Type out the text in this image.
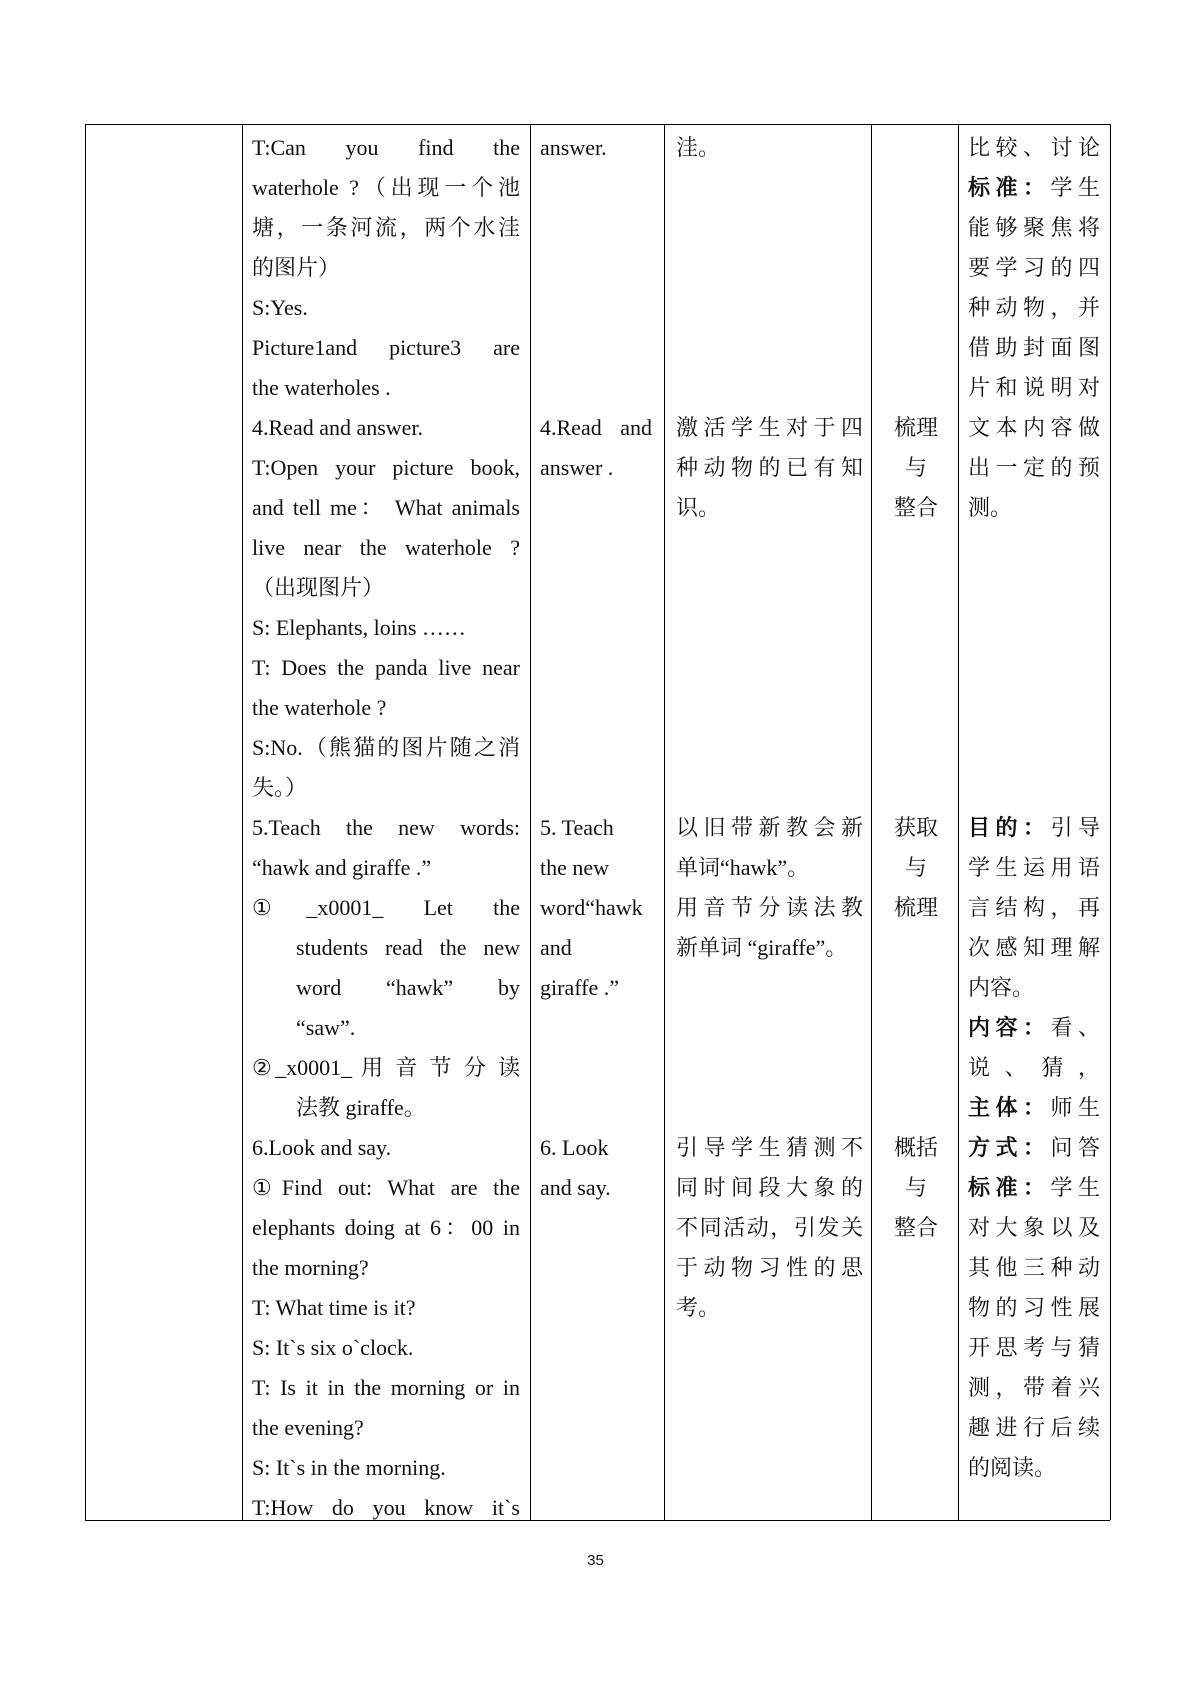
T:Can you find the

waterhole ?（出现一个池

塘，一条河流，两个水洼

的图片）

S:Yes.

Picture1and picture3 are

the waterholes .

4.Read and answer.

T:Open your picture book,

and tell me： What animals

live near the waterhole ?

（出现图片）

S: Elephants, loins ……

T: Does the panda live near

the waterhole ?

S:No.（熊猫的图片随之消

失。）

5.Teach the new words:

“hawk and giraffe .”

①_x0001_ Let the

students read the new

word “hawk” by

“saw”.

②_x0001_ 用 音 节 分 读

法教 giraffe。

6.Look and say.

①Find out: What are the

elephants doing at 6：00 in

the morning?

T: What time is it?

S: It`s six o`clock.

T: Is it in the morning or in

the evening?

S: It`s in the morning.

T:How do you know it`s

answer.

4.Read and

answer .

5. Teach

the new

word“hawk

and

giraffe .”

6. Look

and say.

洼。

激活学生对于四

种动物的已有知

识。

以旧带新教会新

单词“hawk”。

用音节分读法教

新单词 “giraffe”。

引导学生猜测不

同时间段大象的

不同活动，引发关

于动物习性的思

考。

梳理

与

整合

获取

与

梳理

概括

与

整合

比较、讨论

标准：学生

能够聚焦将

要学习的四

种动物，并

借助封面图

片和说明对

文本内容做

出一定的预

测。

目的：引导

学生运用语

言结构，再

次感知理解

内容。

内容：看、

说、猜，

主体：师生

方式：问答

标准：学生

对大象以及

其他三种动

物的习性展

开思考与猜

测，带着兴

趣进行后续

的阅读。

35
